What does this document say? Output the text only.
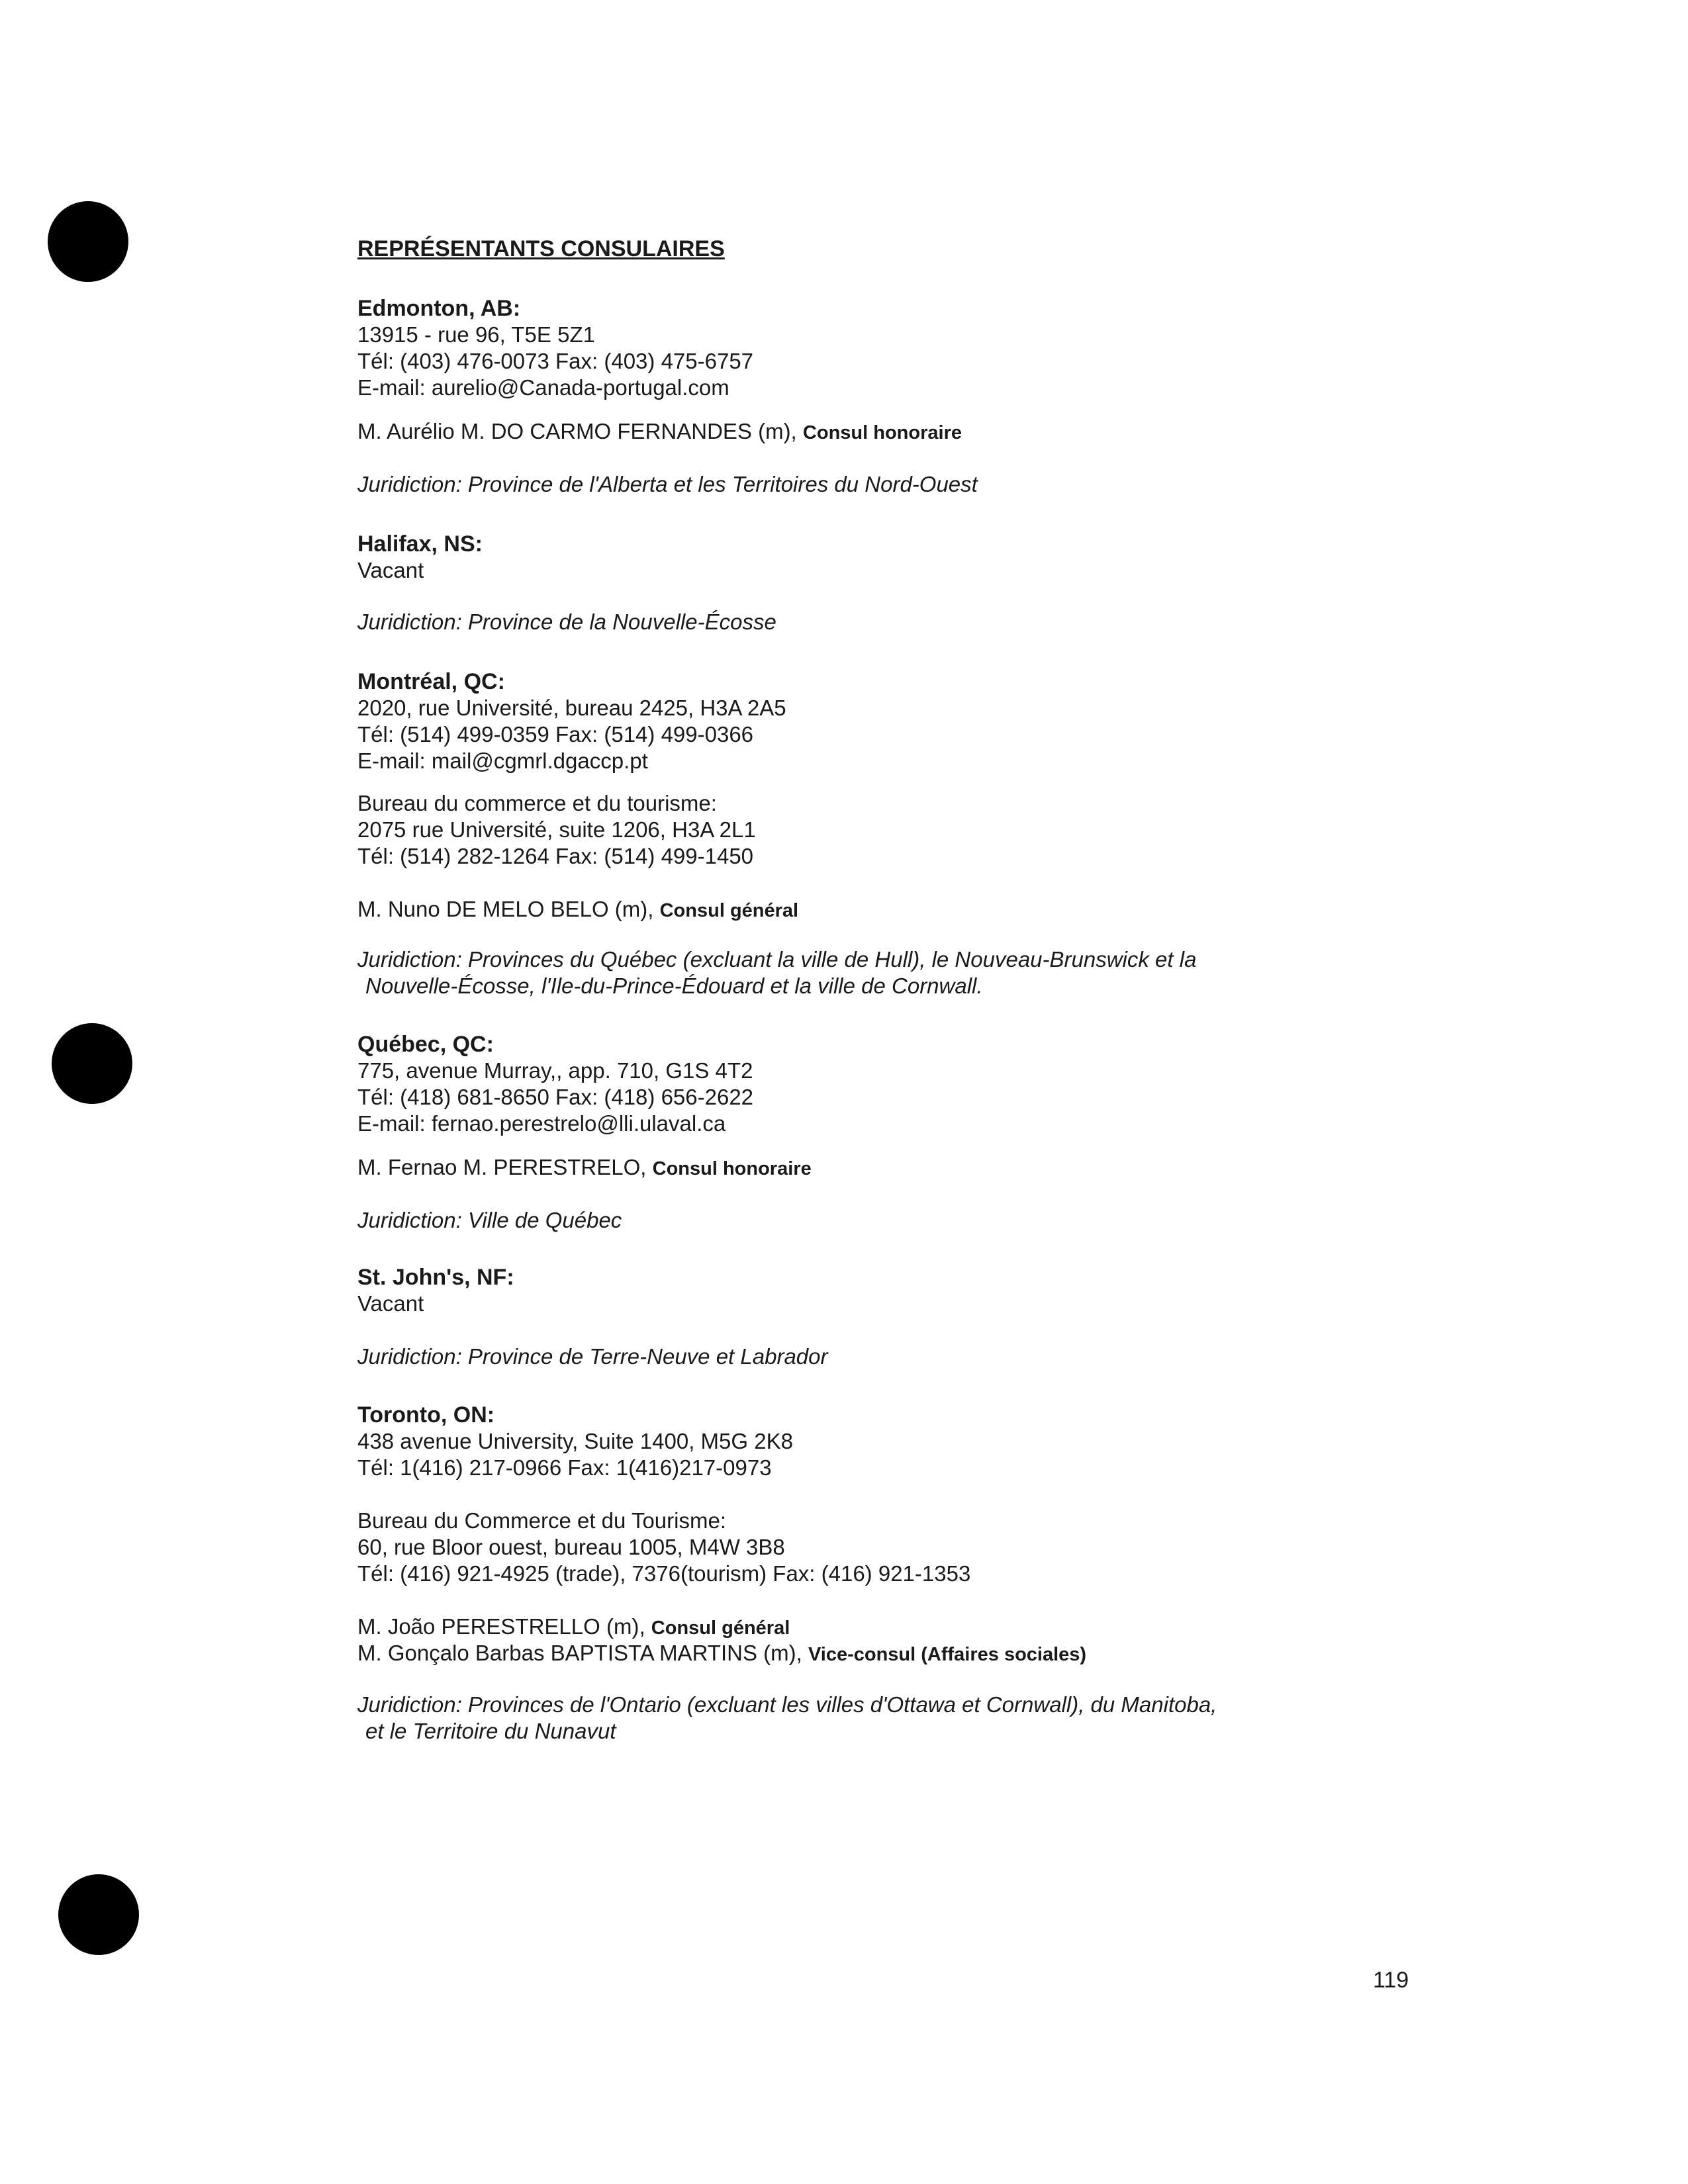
REPRÉSENTANTS CONSULAIRES
Edmonton, AB:
13915 - rue 96, T5E 5Z1
Tél: (403) 476-0073 Fax: (403) 475-6757
E-mail: aurelio@Canada-portugal.com
M. Aurélio M. DO CARMO FERNANDES (m), Consul honoraire
Juridiction: Province de l'Alberta et les Territoires du Nord-Ouest
Halifax, NS:
Vacant
Juridiction: Province de la Nouvelle-Écosse
Montréal, QC:
2020, rue Université, bureau 2425, H3A 2A5
Tél: (514) 499-0359 Fax: (514) 499-0366
E-mail: mail@cgmrl.dgaccp.pt
Bureau du commerce et du tourisme:
2075 rue Université, suite 1206, H3A 2L1
Tél: (514) 282-1264 Fax: (514) 499-1450
M. Nuno DE MELO BELO (m), Consul général
Juridiction: Provinces du Québec (excluant la ville de Hull), le Nouveau-Brunswick et la
Nouvelle-Écosse, l'Ile-du-Prince-Édouard et la ville de Cornwall.
Québec, QC:
775, avenue Murray,, app. 710, G1S 4T2
Tél: (418) 681-8650 Fax: (418) 656-2622
E-mail: fernao.perestrelo@lli.ulaval.ca
M. Fernao M. PERESTRELO, Consul honoraire
Juridiction: Ville de Québec
St. John's, NF:
Vacant
Juridiction: Province de Terre-Neuve et Labrador
Toronto, ON:
438 avenue University, Suite 1400, M5G 2K8
Tél: 1(416) 217-0966 Fax: 1(416)217-0973
Bureau du Commerce et du Tourisme:
60, rue Bloor ouest, bureau 1005, M4W 3B8
Tél: (416) 921-4925 (trade), 7376(tourism) Fax: (416) 921-1353
M. João PERESTRELLO (m), Consul général
M. Gonçalo Barbas BAPTISTA MARTINS (m), Vice-consul (Affaires sociales)
Juridiction: Provinces de l'Ontario (excluant les villes d'Ottawa et Cornwall), du Manitoba,
et le Territoire du Nunavut
119
